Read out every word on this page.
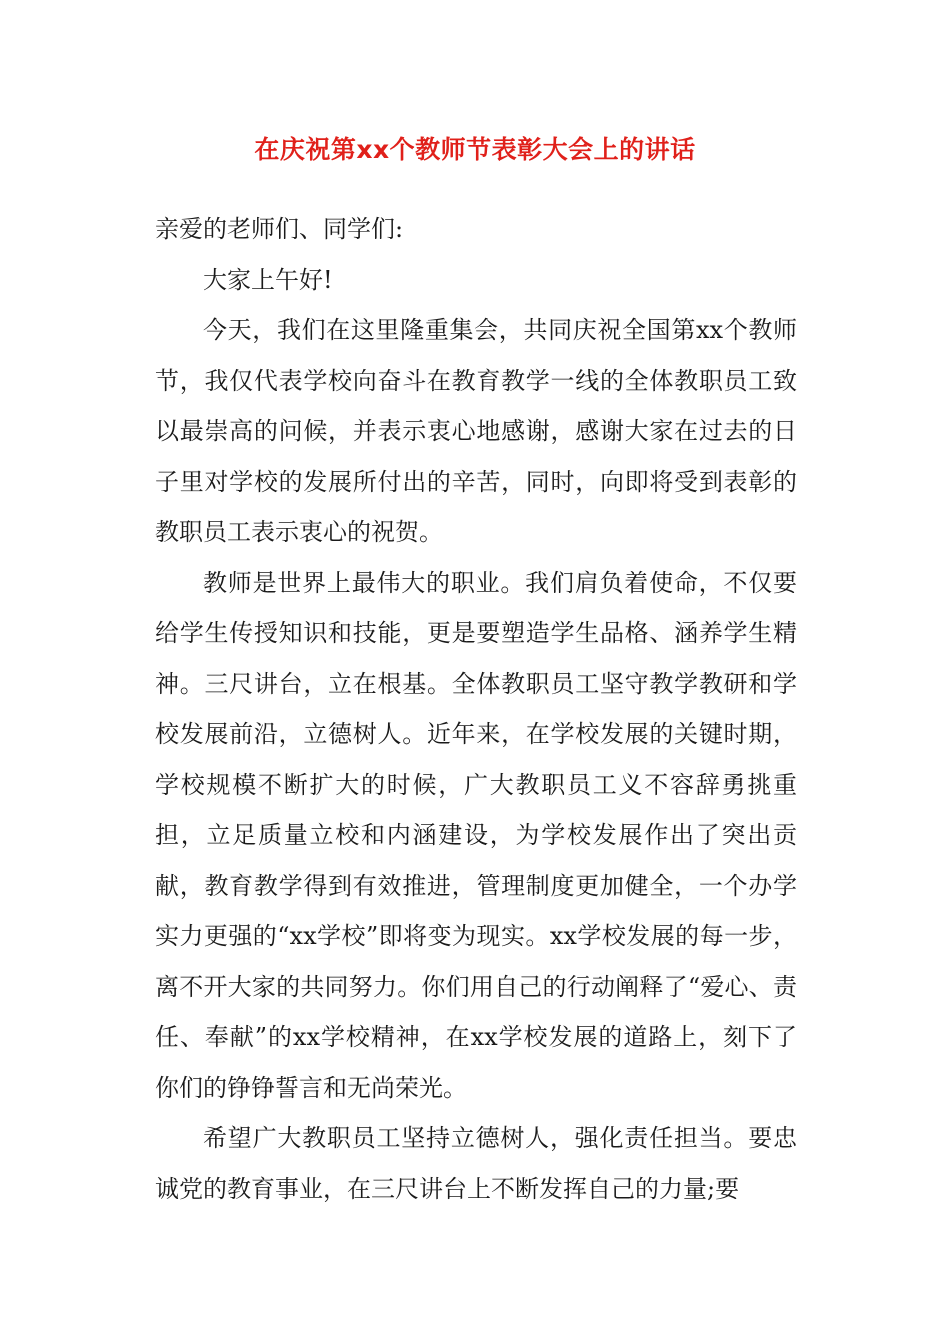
在庆祝第xx个教师节表彰大会上的讲话

亲爱的老师们、同学们:

大家上午好!

今天，我们在这里隆重集会，共同庆祝全国第xx个教师节，我仅代表学校向奋斗在教育教学一线的全体教职员工致以最崇高的问候，并表示衷心地感谢，感谢大家在过去的日子里对学校的发展所付出的辛苦，同时，向即将受到表彰的教职员工表示衷心的祝贺。

教师是世界上最伟大的职业。我们肩负着使命，不仅要给学生传授知识和技能，更是要塑造学生品格、涵养学生精神。三尺讲台，立在根基。全体教职员工坚守教学教研和学校发展前沿，立德树人。近年来，在学校发展的关键时期，学校规模不断扩大的时候，广大教职员工义不容辞勇挑重担，立足质量立校和内涵建设，为学校发展作出了突出贡献，教育教学得到有效推进，管理制度更加健全，一个办学实力更强的“xx学校”即将变为现实。xx学校发展的每一步，离不开大家的共同努力。你们用自己的行动阐释了“爱心、责任、奉献”的xx学校精神，在xx学校发展的道路上，刻下了你们的铮铮誓言和无尚荣光。

希望广大教职员工坚持立德树人，强化责任担当。要忠诚党的教育事业，在三尺讲台上不断发挥自己的力量;要
